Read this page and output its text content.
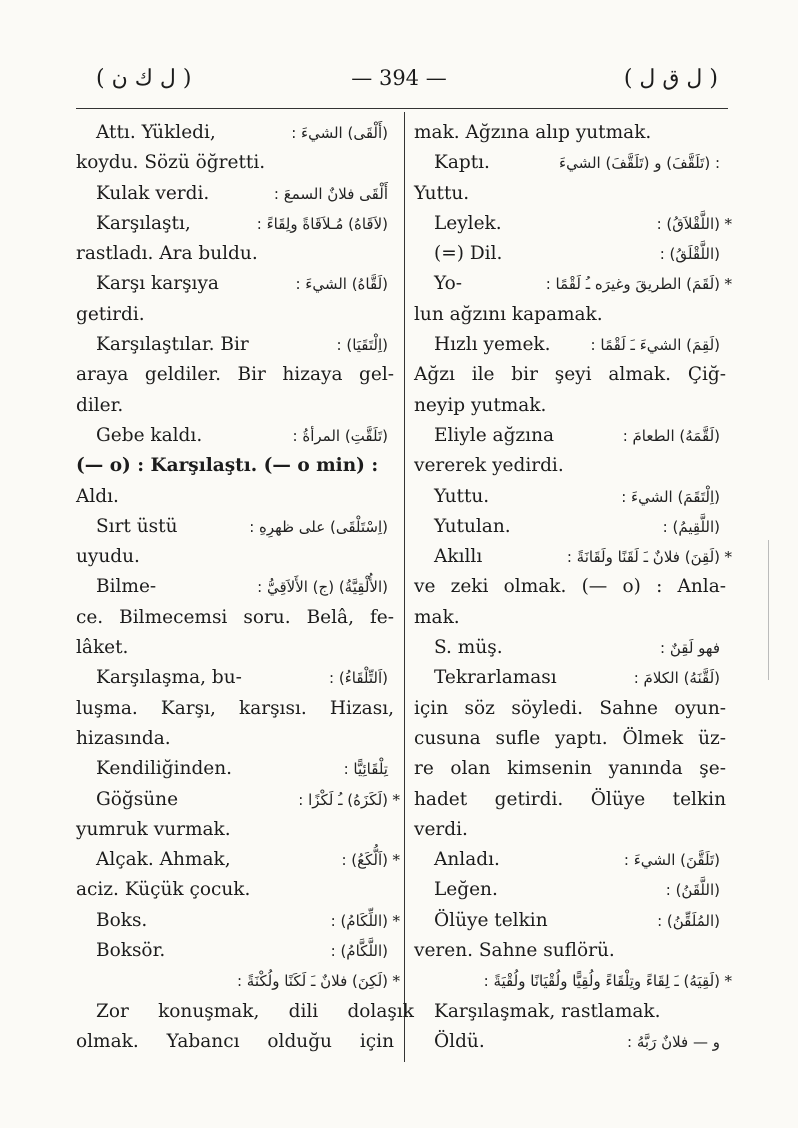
( ل ك ن )	— 394 —	( ل ق ل )
Attı. Yükledi,	(أَلْقَى) الشيءَ :
koydu. Sözü öğretti.
Kulak verdi.	أَلْقَى فلانٌ السمعَ :
Karşılaştı,	(لاَقَاهُ) مُـلاَقَاةً ولِقَاءً :
rastladı. Ara buldu.
Karşı karşıya	(لَقَّاهُ) الشيءَ :
getirdi.
Karşılaştılar. Bir	(اِلْتَقَيَا) :
araya geldiler. Bir hizaya gel-
diler.
Gebe kaldı.	(تَلَقَّتِ) المرأةُ :
(— o) : Karşılaştı. (— o min) :
Aldı.
Sırt üstü	(اِسْتَلْقَى) على ظهرِهِ :
uyudu.
Bilme-	(الأُلْقِيَّةُ) (ج) الأَلاَقِيُّ :
ce. Bilmecemsi soru. Belâ, fe-
lâket.
Karşılaşma, bu-	(اَلتِّلْقَاءُ) :
luşma. Karşı, karşısı. Hizası,
hizasında.
Kendiliğinden.	تِلْقَائِيًّا :
Göğsüne	(لَكَزَهُ) ـُ لَكْزًا : *
yumruk vurmak.
Alçak. Ahmak,	(اَلُّكَعُ) : *
aciz. Küçük çocuk.
Boks.	(اللِّكَامُ) : *
Boksör.	(اللَّكَّامُ) :
(لَكِنَ) فلانٌ ـَ لَكَنًا ولُكْنَةً : *
Zor konuşmak, dili dolaşık
olmak. Yabancı olduğu için
mak. Ağzına alıp yutmak.
Kaptı.	: (تَلَقَّفَ) و (تَلَقَّفَ) الشيءَ
Yuttu.
Leylek.	(اللَّقْلاَقُ) : *
(=) Dil.	(اللَّقْلَقُ) :
Yo-	(لَقَمَ) الطريقَ وغيرَه ـُ لَقْمًا : *
lun ağzını kapamak.
Hızlı yemek.	(لَقِمَ) الشيءَ ـَ لَقْمًا :
Ağzı ile bir şeyi almak. Çiğ-
neyip yutmak.
Eliyle ağzına	(لَقَّمَهُ) الطعامَ :
vererek yedirdi.
Yuttu.	(اِلْتَقَمَ) الشيءَ :
Yutulan.	(اللَّقِيمُ) :
Akıllı	(لَقِنَ) فلانٌ ـَ لَقَنًا ولَقَانَةً : *
ve zeki olmak. (— o) : Anla-
mak.
S. müş.	فهو لَقِنٌ :
Tekrarlaması	(لَقَّنَهُ) الكلامَ :
için söz söyledi. Sahne oyun-
cusuna sufle yaptı. Ölmek üz-
re olan kimsenin yanında şe-
hadet getirdi. Ölüye telkin
verdi.
Anladı.	(تَلَقَّنَ) الشيءَ :
Leğen.	(اللَّقَنُ) :
Ölüye telkin	(المُلَقِّنُ) :
veren. Sahne suflörü.
(لَقِيَهُ) ـَ لِقَاءً وتِلْقَاءً ولُقِيًّا ولُقْيَانًا ولُقْيَةً : *
Karşılaşmak, rastlamak.
Öldü.	و — فلانٌ رَبَّهُ :
